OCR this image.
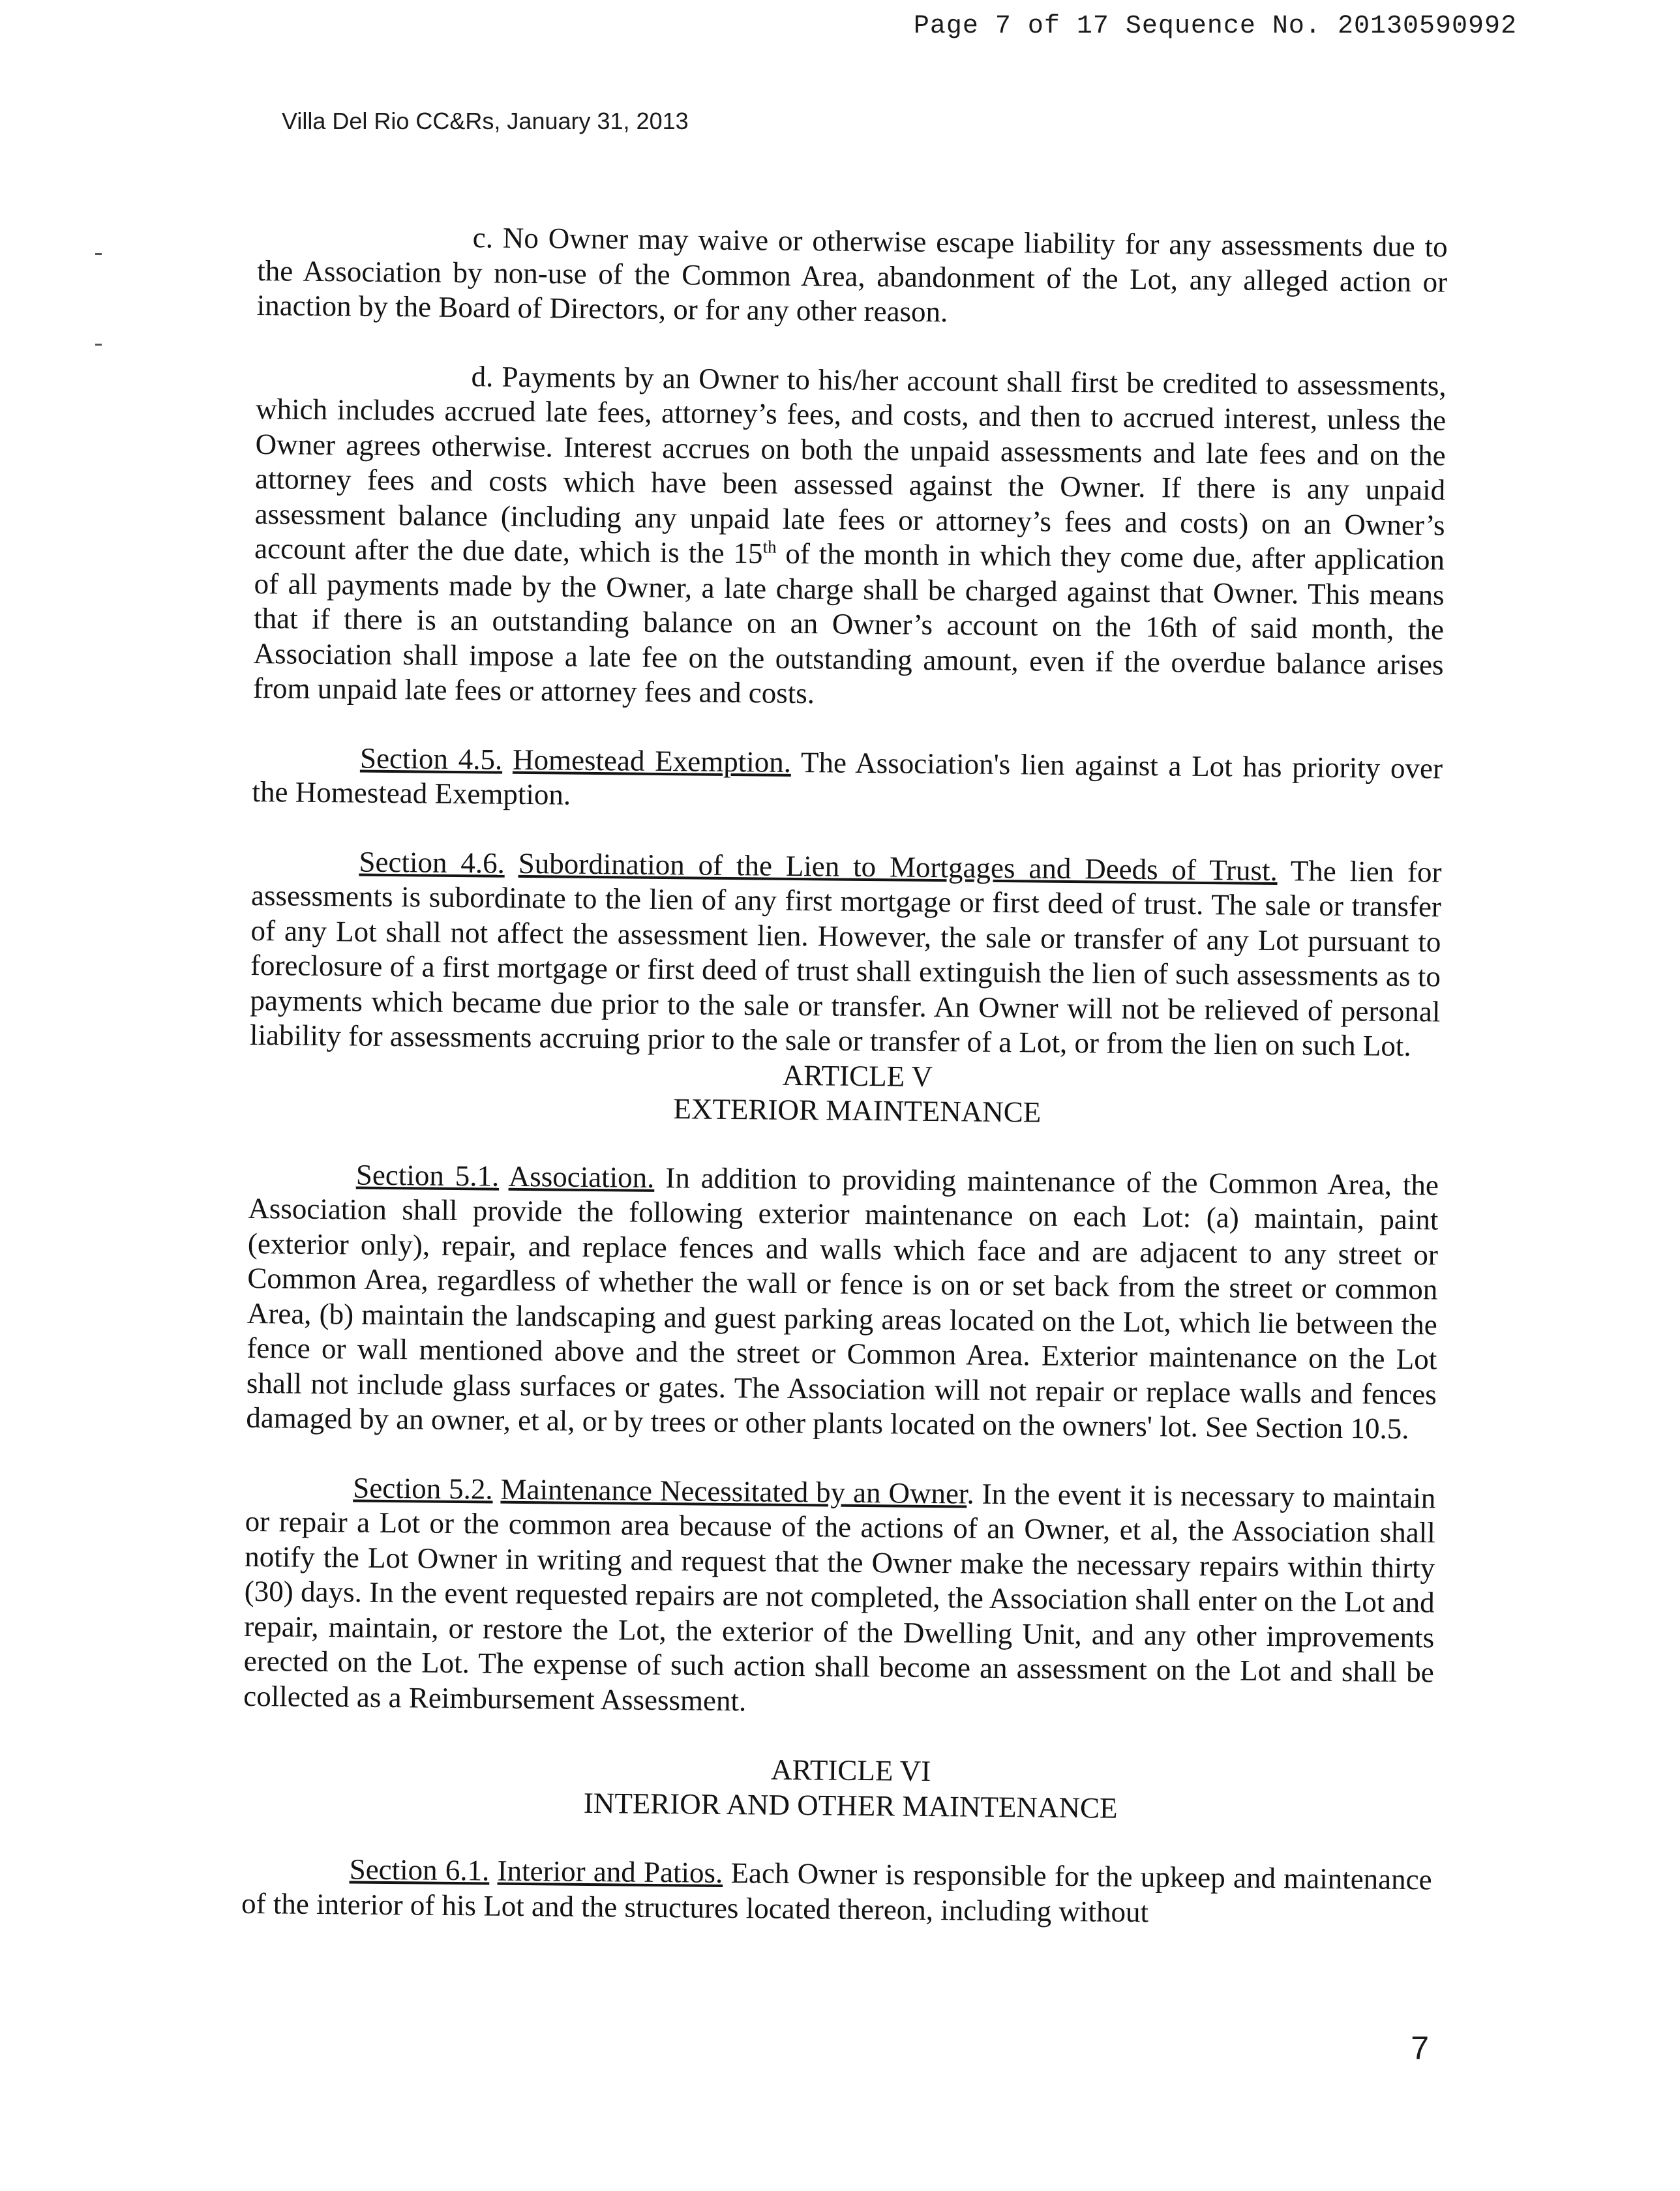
Page 7 of 17 Sequence No. 20130590992
Villa Del Rio CC&Rs, January 31, 2013

c. No Owner may waive or otherwise escape liability for any assessments due to the Association by non-use of the Common Area, abandonment of the Lot, any alleged action or inaction by the Board of Directors, or for any other reason.

d. Payments by an Owner to his/her account shall first be credited to assessments, which includes accrued late fees, attorney’s fees, and costs, and then to accrued interest, unless the Owner agrees otherwise. Interest accrues on both the unpaid assessments and late fees and on the attorney fees and costs which have been assessed against the Owner. If there is any unpaid assessment balance (including any unpaid late fees or attorney’s fees and costs) on an Owner’s account after the due date, which is the 15th of the month in which they come due, after application of all payments made by the Owner, a late charge shall be charged against that Owner. This means that if there is an outstanding balance on an Owner’s account on the 16th of said month, the Association shall impose a late fee on the outstanding amount, even if the overdue balance arises from unpaid late fees or attorney fees and costs.

Section 4.5. Homestead Exemption. The Association's lien against a Lot has priority over the Homestead Exemption.

Section 4.6. Subordination of the Lien to Mortgages and Deeds of Trust. The lien for assessments is subordinate to the lien of any first mortgage or first deed of trust. The sale or transfer of any Lot shall not affect the assessment lien. However, the sale or transfer of any Lot pursuant to foreclosure of a first mortgage or first deed of trust shall extinguish the lien of such assessments as to payments which became due prior to the sale or transfer. An Owner will not be relieved of personal liability for assessments accruing prior to the sale or transfer of a Lot, or from the lien on such Lot.

ARTICLE V

EXTERIOR MAINTENANCE

Section 5.1. Association. In addition to providing maintenance of the Common Area, the Association shall provide the following exterior maintenance on each Lot: (a) maintain, paint (exterior only), repair, and replace fences and walls which face and are adjacent to any street or Common Area, regardless of whether the wall or fence is on or set back from the street or common Area, (b) maintain the landscaping and guest parking areas located on the Lot, which lie between the fence or wall mentioned above and the street or Common Area. Exterior maintenance on the Lot shall not include glass surfaces or gates. The Association will not repair or replace walls and fences damaged by an owner, et al, or by trees or other plants located on the owners' lot. See Section 10.5.

Section 5.2. Maintenance Necessitated by an Owner. In the event it is necessary to maintain or repair a Lot or the common area because of the actions of an Owner, et al, the Association shall notify the Lot Owner in writing and request that the Owner make the necessary repairs within thirty (30) days. In the event requested repairs are not completed, the Association shall enter on the Lot and repair, maintain, or restore the Lot, the exterior of the Dwelling Unit, and any other improvements erected on the Lot. The expense of such action shall become an assessment on the Lot and shall be collected as a Reimbursement Assessment.

ARTICLE VI

INTERIOR AND OTHER MAINTENANCE

Section 6.1. Interior and Patios. Each Owner is responsible for the upkeep and maintenance of the interior of his Lot and the structures located thereon, including without

7
